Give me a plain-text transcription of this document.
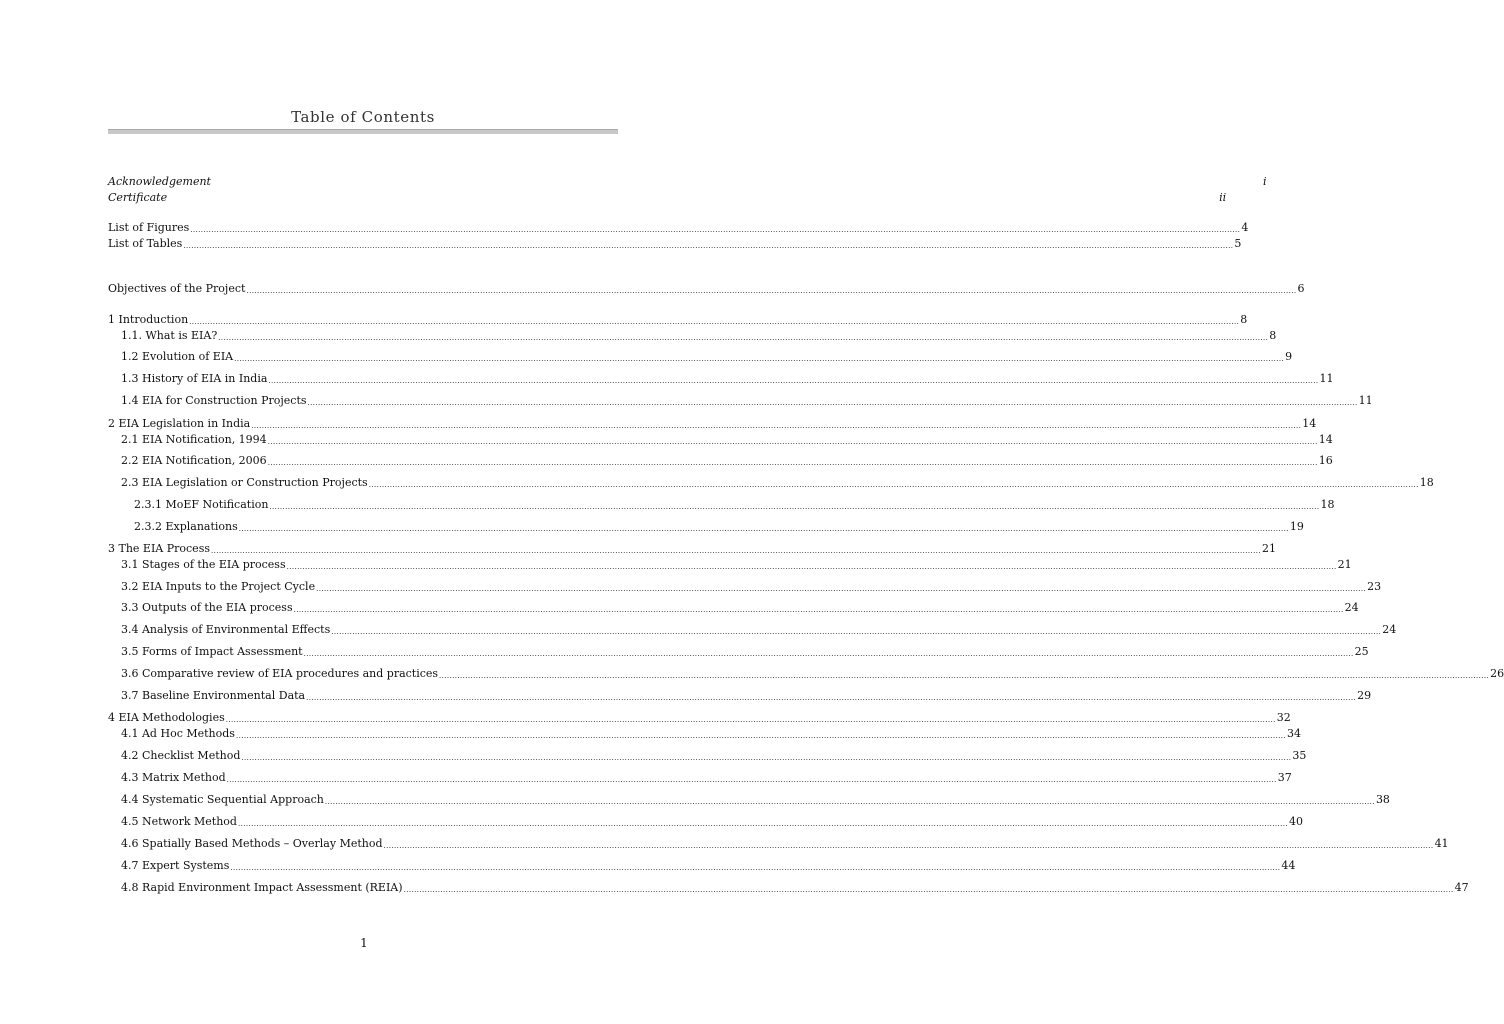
Table of Contents
Acknowledgement	i
Certificate	ii
List of Figures ................................................................................................................................................................................................................................................................................................................................................................................................................ 4
List of Tables ................................................................................................................................................................................................................................................................................................................................................................................................................ 5
Objectives of the Project ................................................................................................................................................................................................................................................................................................................................................................................................................ 6
1 Introduction ................................................................................................................................................................................................................................................................................................................................................................................................................ 8
1.1. What is EIA? ................................................................................................................................................................................................................................................................................................................................................................................................................ 8
1.2 Evolution of EIA ................................................................................................................................................................................................................................................................................................................................................................................................................ 9
1.3 History of EIA in India ................................................................................................................................................................................................................................................................................................................................................................................................................ 11
1.4 EIA for Construction Projects ................................................................................................................................................................................................................................................................................................................................................................................................................ 11
2 EIA Legislation in India ................................................................................................................................................................................................................................................................................................................................................................................................................ 14
2.1 EIA Notification, 1994 ................................................................................................................................................................................................................................................................................................................................................................................................................ 14
2.2 EIA Notification, 2006 ................................................................................................................................................................................................................................................................................................................................................................................................................ 16
2.3 EIA Legislation or Construction Projects ................................................................................................................................................................................................................................................................................................................................................................................................................ 18
2.3.1 MoEF Notification ................................................................................................................................................................................................................................................................................................................................................................................................................ 18
2.3.2 Explanations ................................................................................................................................................................................................................................................................................................................................................................................................................ 19
3 The EIA Process ................................................................................................................................................................................................................................................................................................................................................................................................................ 21
3.1 Stages of the EIA process ................................................................................................................................................................................................................................................................................................................................................................................................................ 21
3.2 EIA Inputs to the Project Cycle ................................................................................................................................................................................................................................................................................................................................................................................................................ 23
3.3 Outputs of the EIA process ................................................................................................................................................................................................................................................................................................................................................................................................................ 24
3.4 Analysis of Environmental Effects ................................................................................................................................................................................................................................................................................................................................................................................................................ 24
3.5 Forms of Impact Assessment ................................................................................................................................................................................................................................................................................................................................................................................................................ 25
3.6 Comparative review of EIA procedures and practices ................................................................................................................................................................................................................................................................................................................................................................................................................ 26
3.7 Baseline Environmental Data ................................................................................................................................................................................................................................................................................................................................................................................................................ 29
4 EIA Methodologies ................................................................................................................................................................................................................................................................................................................................................................................................................ 32
4.1 Ad Hoc Methods ................................................................................................................................................................................................................................................................................................................................................................................................................ 34
4.2 Checklist Method ................................................................................................................................................................................................................................................................................................................................................................................................................ 35
4.3 Matrix Method ................................................................................................................................................................................................................................................................................................................................................................................................................ 37
4.4 Systematic Sequential Approach ................................................................................................................................................................................................................................................................................................................................................................................................................ 38
4.5 Network Method ................................................................................................................................................................................................................................................................................................................................................................................................................ 40
4.6 Spatially Based Methods – Overlay Method ................................................................................................................................................................................................................................................................................................................................................................................................................ 41
4.7 Expert Systems ................................................................................................................................................................................................................................................................................................................................................................................................................ 44
4.8 Rapid Environment Impact Assessment (REIA) ................................................................................................................................................................................................................................................................................................................................................................................................................ 47
1
